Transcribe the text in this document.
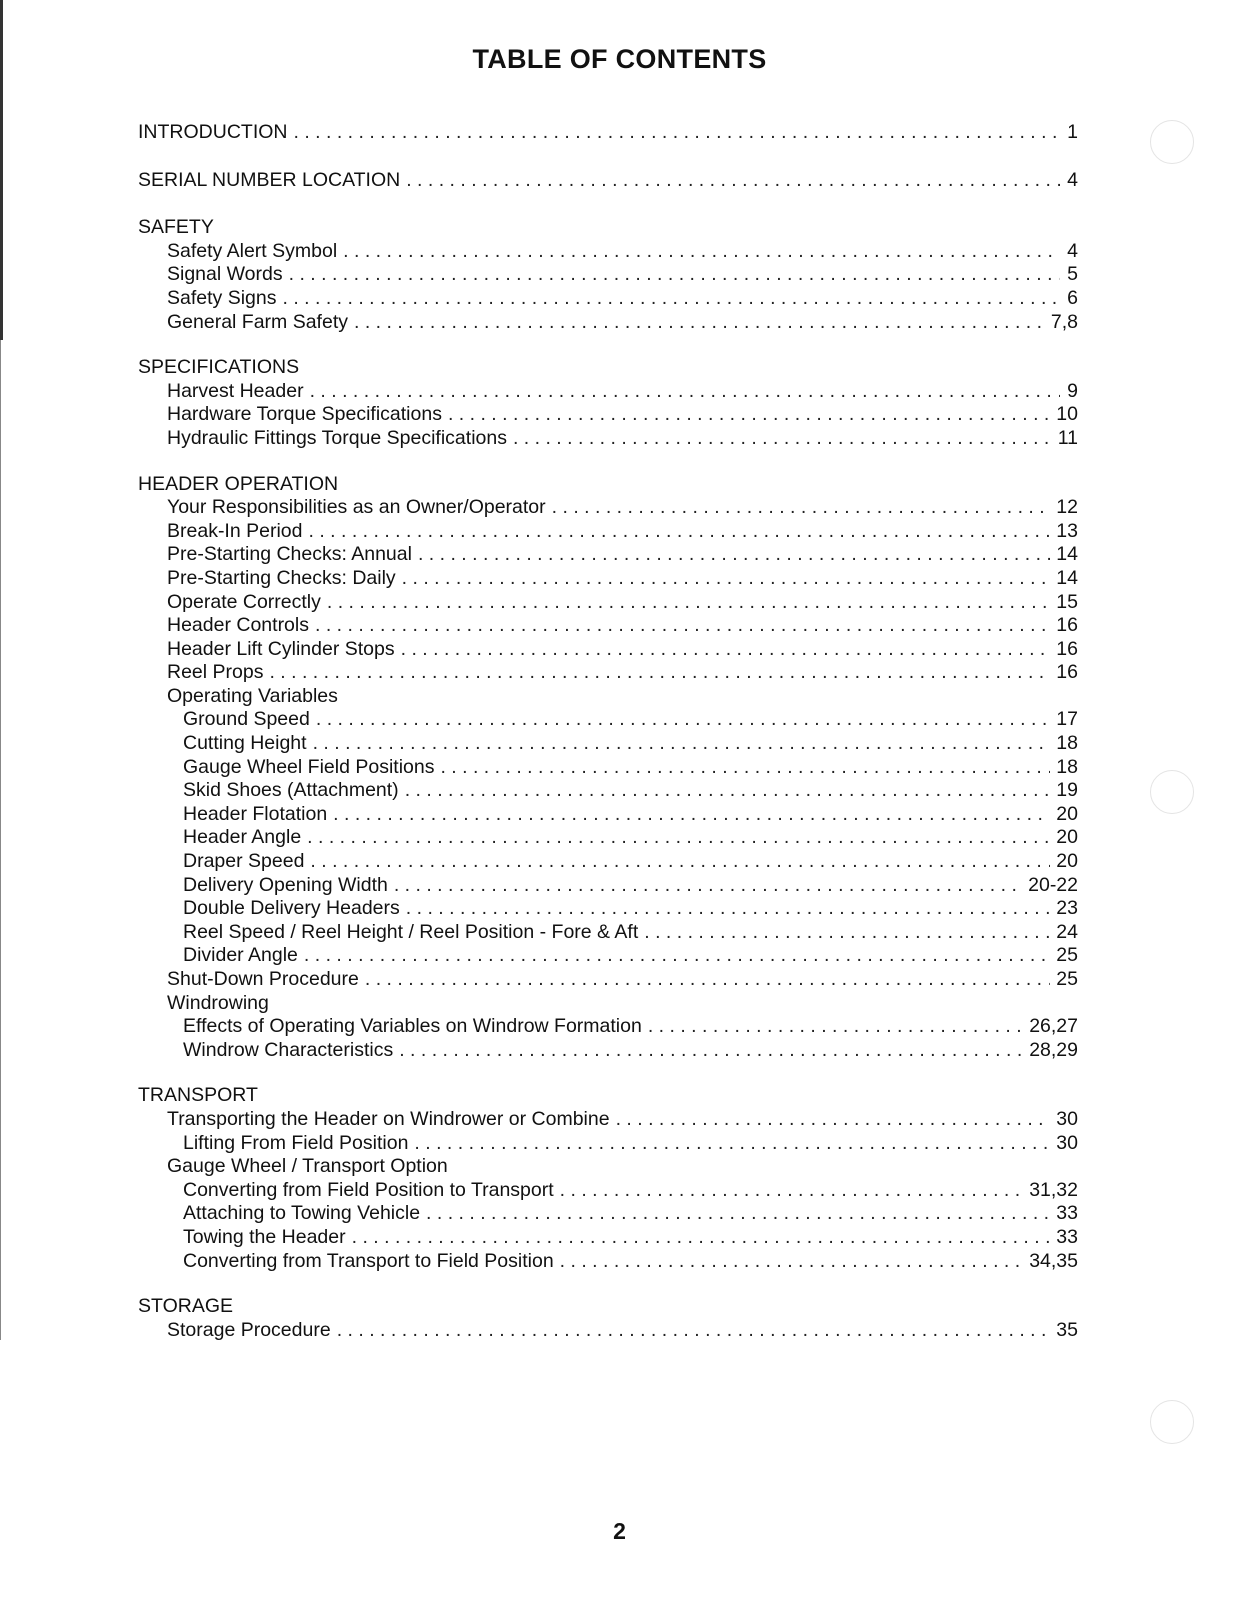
TABLE OF CONTENTS
INTRODUCTION . . .	1
SERIAL NUMBER LOCATION . . .	4
SAFETY
Safety Alert Symbol . . .	4
Signal Words . . .	5
Safety Signs . . .	6
General Farm Safety . . .	7,8
SPECIFICATIONS
Harvest Header . . .	9
Hardware Torque Specifications . . .	10
Hydraulic Fittings Torque Specifications . . .	11
HEADER OPERATION
Your Responsibilities as an Owner/Operator . . .	12
Break-In Period . . .	13
Pre-Starting Checks: Annual . . .	14
Pre-Starting Checks: Daily . . .	14
Operate Correctly . . .	15
Header Controls . . .	16
Header Lift Cylinder Stops . . .	16
Reel Props . . .	16
Operating Variables
Ground Speed . . .	17
Cutting Height . . .	18
Gauge Wheel Field Positions . . .	18
Skid Shoes (Attachment) . . .	19
Header Flotation . . .	20
Header Angle . . .	20
Draper Speed . . .	20
Delivery Opening Width . . .	20-22
Double Delivery Headers . . .	23
Reel Speed / Reel Height / Reel Position - Fore & Aft . . .	24
Divider Angle . . .	25
Shut-Down Procedure . . .	25
Windrowing
Effects of Operating Variables on Windrow Formation . . .	26,27
Windrow Characteristics . . .	28,29
TRANSPORT
Transporting the Header on Windrower or Combine . . .	30
Lifting From Field Position . . .	30
Gauge Wheel / Transport Option
Converting from Field Position to Transport . . .	31,32
Attaching to Towing Vehicle . . .	33
Towing the Header . . .	33
Converting from Transport to Field Position . . .	34,35
STORAGE
Storage Procedure . . .	35
2
